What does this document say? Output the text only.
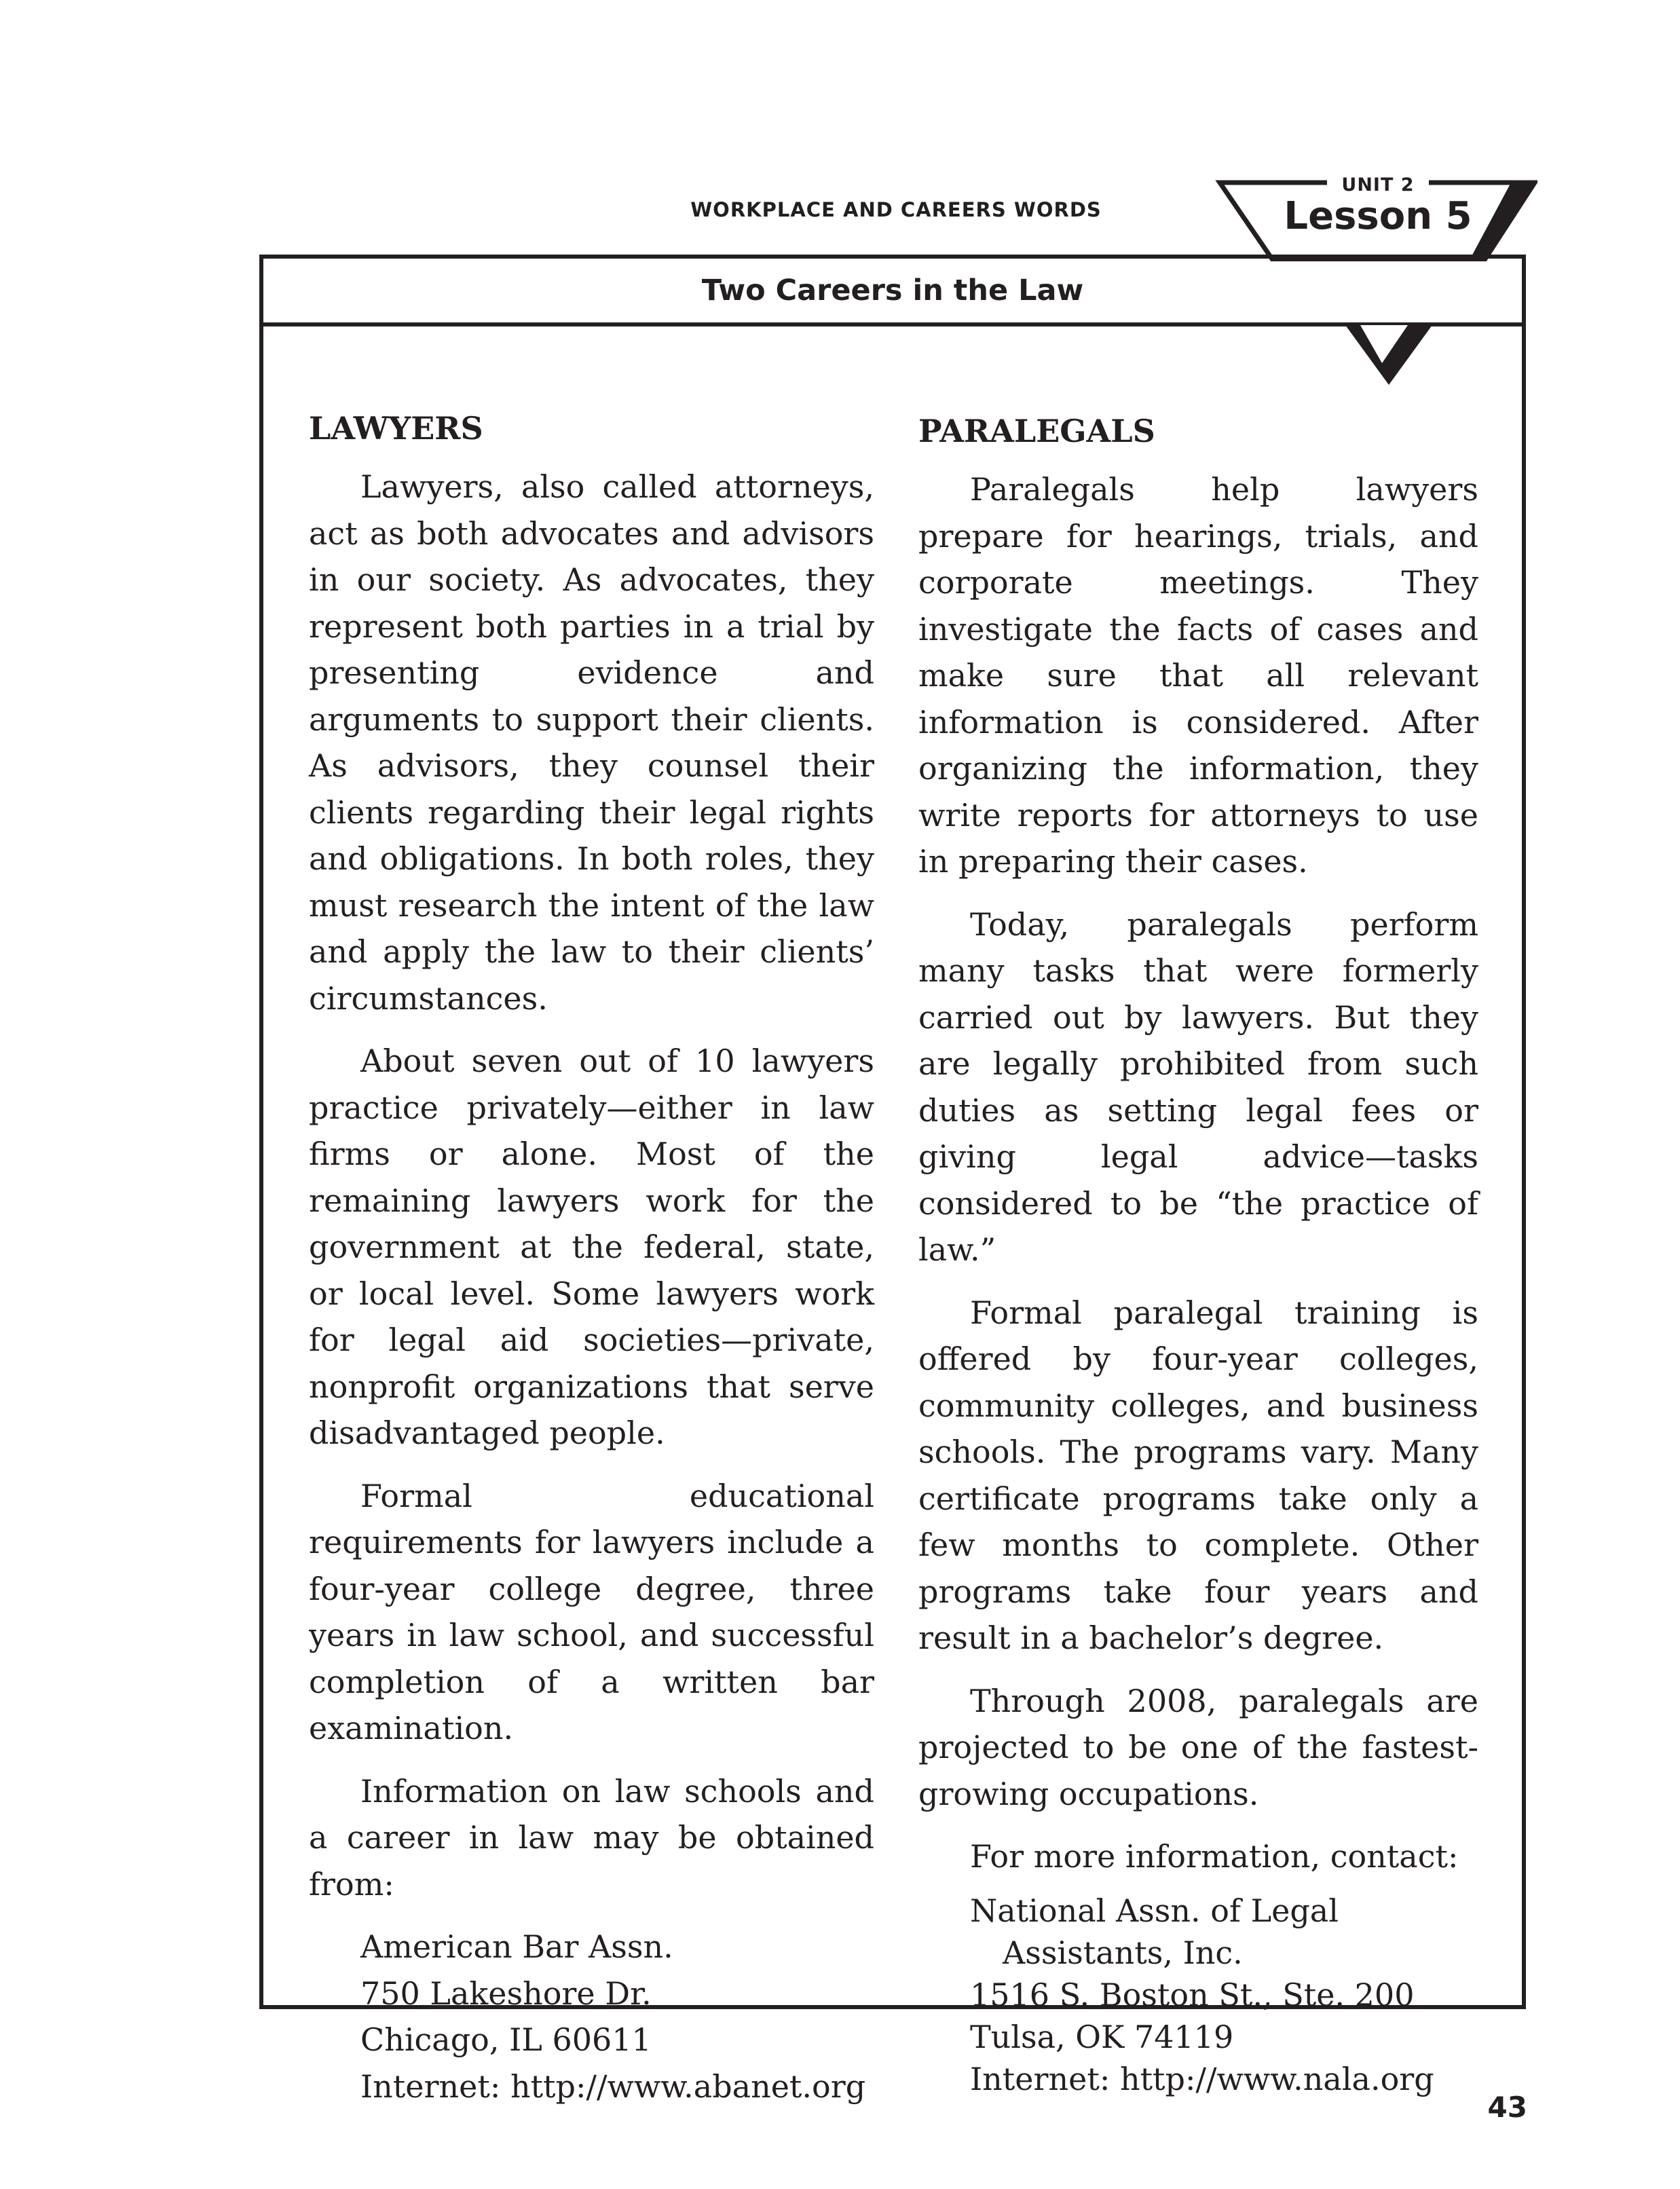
WORKPLACE AND CAREERS WORDS
UNIT 2
Lesson 5
Two Careers in the Law
LAWYERS

Lawyers, also called attorneys, act as both advocates and advisors in our society. As advocates, they represent both parties in a trial by presenting evidence and arguments to support their clients. As advisors, they counsel their clients regarding their legal rights and obligations. In both roles, they must research the intent of the law and apply the law to their clients’ circumstances.

About seven out of 10 lawyers practice privately—either in law firms or alone. Most of the remaining lawyers work for the government at the federal, state, or local level. Some lawyers work for legal aid societies—private, nonprofit organizations that serve disadvantaged people.

Formal educational requirements for lawyers include a four-year college degree, three years in law school, and successful completion of a written bar examination.

Information on law schools and a career in law may be obtained from:

American Bar Assn.
750 Lakeshore Dr.
Chicago, IL 60611
Internet: http://www.abanet.org
PARALEGALS

Paralegals help lawyers prepare for hearings, trials, and corporate meetings. They investigate the facts of cases and make sure that all relevant information is considered. After organizing the information, they write reports for attorneys to use in preparing their cases.

Today, paralegals perform many tasks that were formerly carried out by lawyers. But they are legally prohibited from such duties as setting legal fees or giving legal advice—tasks considered to be “the practice of law.”

Formal paralegal training is offered by four-year colleges, community colleges, and business schools. The programs vary. Many certificate programs take only a few months to complete. Other programs take four years and result in a bachelor’s degree.

Through 2008, paralegals are projected to be one of the fastest-growing occupations.

For more information, contact:

National Assn. of Legal
Assistants, Inc.
1516 S. Boston St., Ste. 200
Tulsa, OK 74119
Internet: http://www.nala.org
43
